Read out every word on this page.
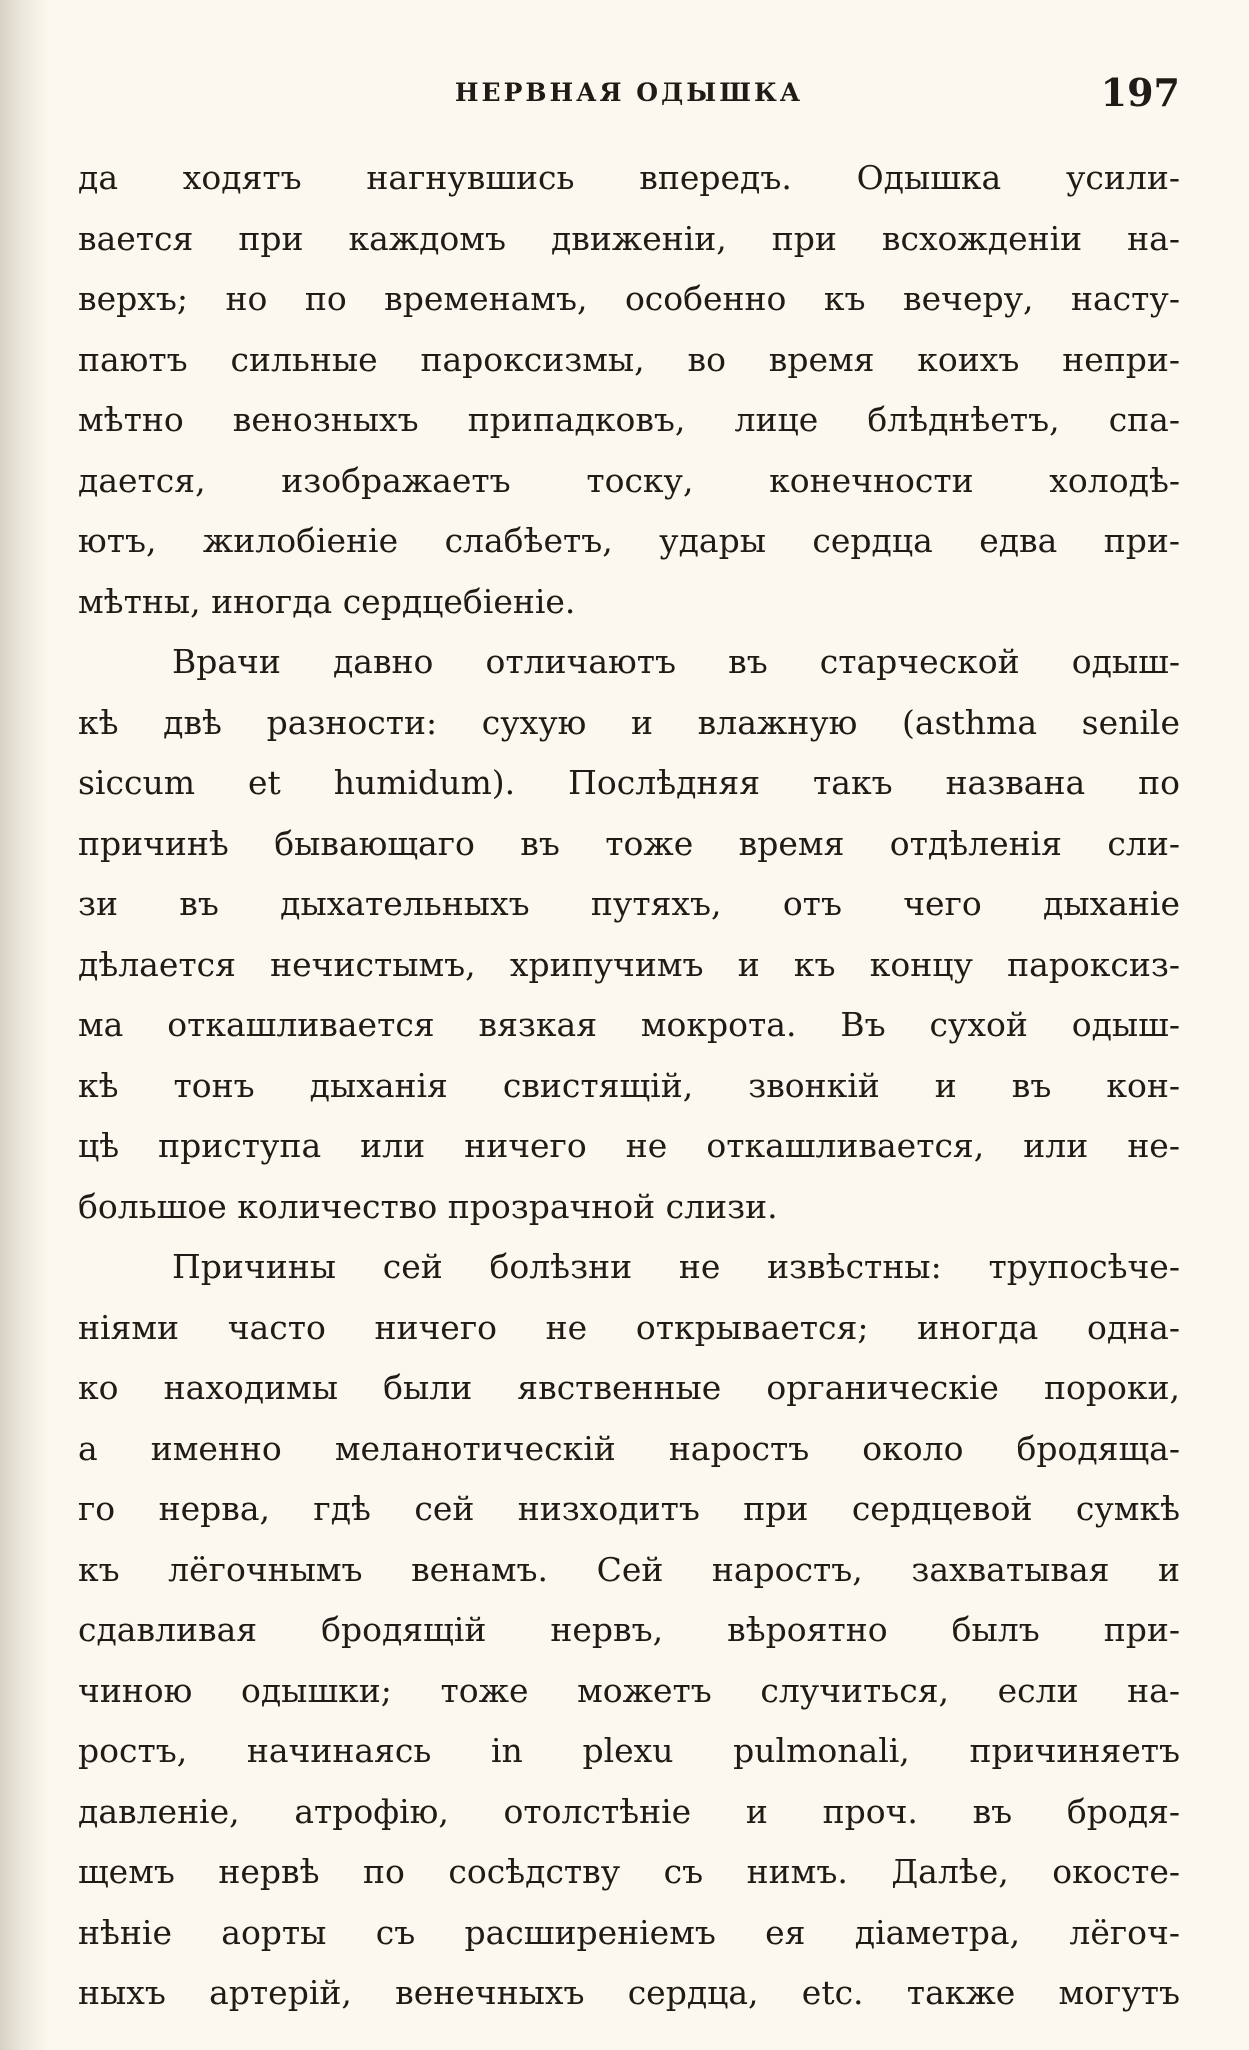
НЕРВНАЯ ОДЫШКА	197
да ходятъ нагнувшись впередъ. Одышка усили-
вается при каждомъ движеніи, при всхожденіи на-
верхъ; но по временамъ, особенно къ вечеру, насту-
паютъ сильные пароксизмы, во время коихъ непри-
мѣтно венозныхъ припадковъ, лице блѣднѣетъ, спа-
дается, изображаетъ тоску, конечности холодѣ-
ютъ, жилобіеніе слабѣетъ, удары сердца едва при-
мѣтны, иногда сердцебіеніе.
Врачи давно отличаютъ въ старческой одыш-
кѣ двѣ разности: сухую и влажную (asthma senile
siccum et humidum). Послѣдняя такъ названа по
причинѣ бывающаго въ тоже время отдѣленія сли-
зи въ дыхательныхъ путяхъ, отъ чего дыханіе
дѣлается нечистымъ, хрипучимъ и къ концу пароксиз-
ма откашливается вязкая мокрота. Въ сухой одыш-
кѣ тонъ дыханія свистящій, звонкій и въ кон-
цѣ приступа или ничего не откашливается, или не-
большое количество прозрачной слизи.
Причины сей болѣзни не извѣстны: трупосѣче-
ніями часто ничего не открывается; иногда одна-
ко находимы были явственные органическіе пороки,
а именно меланотическій наростъ около бродяща-
го нерва, гдѣ сей низходитъ при сердцевой сумкѣ
къ лёгочнымъ венамъ. Сей наростъ, захватывая и
сдавливая бродящій нервъ, вѣроятно былъ при-
чиною одышки; тоже можетъ случиться, если на-
ростъ, начинаясь in plexu pulmonali, причиняетъ
давленіе, атрофію, отолстѣніе и проч. въ бродя-
щемъ нервѣ по сосѣдству съ нимъ. Далѣе, окосте-
нѣніе аорты съ расширеніемъ ея діаметра, лёгоч-
ныхъ артерій, венечныхъ сердца, etc. также могутъ
